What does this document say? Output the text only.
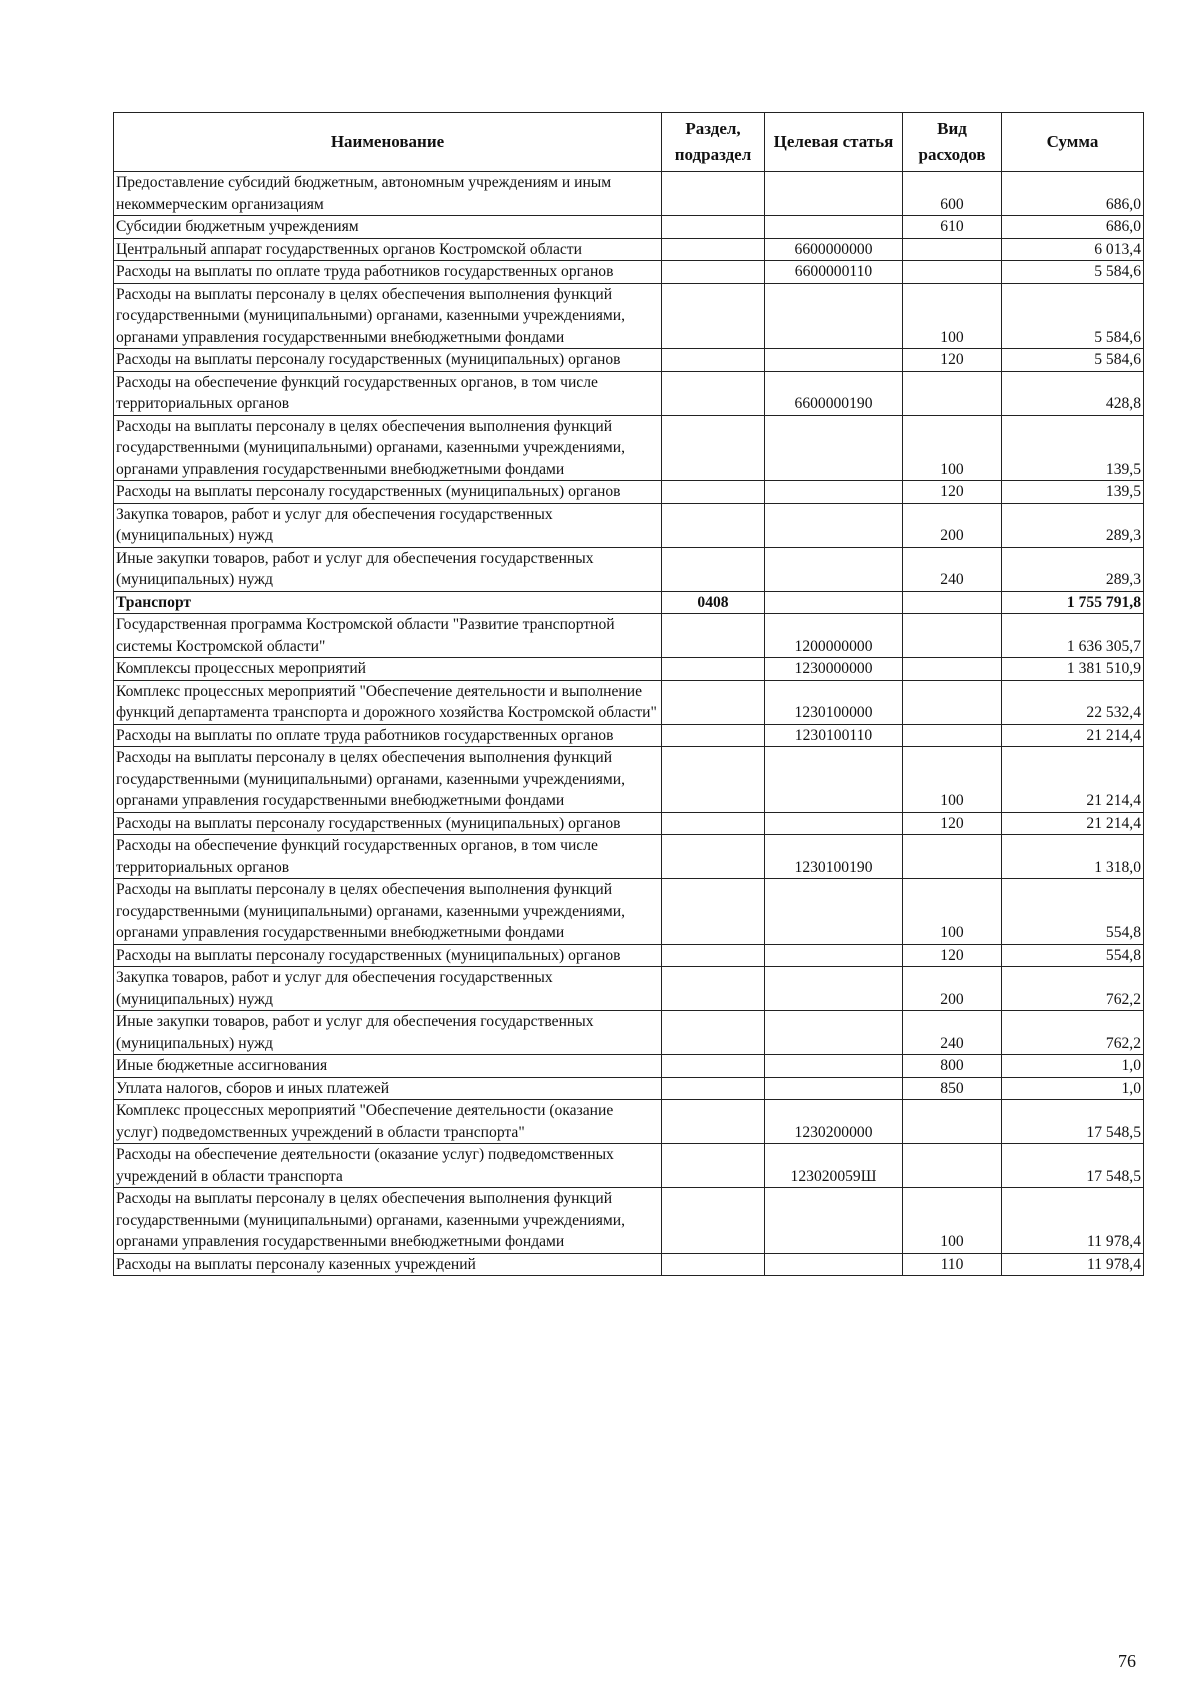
Наименование	Раздел, подраздел	Целевая статья	Вид расходов	Сумма
Предоставление субсидий бюджетным, автономным учреждениям и иным некоммерческим организациям			600	686,0
Субсидии бюджетным учреждениям			610	686,0
Центральный аппарат государственных органов Костромской области		6600000000		6 013,4
Расходы на выплаты по оплате труда работников государственных органов		6600000110		5 584,6
Расходы на выплаты персоналу в целях обеспечения выполнения функций государственными (муниципальными) органами, казенными учреждениями, органами управления государственными внебюджетными фондами			100	5 584,6
Расходы на выплаты персоналу государственных (муниципальных) органов			120	5 584,6
Расходы на обеспечение функций государственных органов, в том числе территориальных органов		6600000190		428,8
Расходы на выплаты персоналу в целях обеспечения выполнения функций государственными (муниципальными) органами, казенными учреждениями, органами управления государственными внебюджетными фондами			100	139,5
Расходы на выплаты персоналу государственных (муниципальных) органов			120	139,5
Закупка товаров, работ и услуг для обеспечения государственных (муниципальных) нужд			200	289,3
Иные закупки товаров, работ и услуг для обеспечения государственных (муниципальных) нужд			240	289,3
Транспорт	0408			1 755 791,8
Государственная программа Костромской области "Развитие транспортной системы Костромской области"		1200000000		1 636 305,7
Комплексы процессных мероприятий		1230000000		1 381 510,9
Комплекс процессных мероприятий "Обеспечение деятельности и выполнение функций департамента транспорта и дорожного хозяйства Костромской области"		1230100000		22 532,4
Расходы на выплаты по оплате труда работников государственных органов		1230100110		21 214,4
Расходы на выплаты персоналу в целях обеспечения выполнения функций государственными (муниципальными) органами, казенными учреждениями, органами управления государственными внебюджетными фондами			100	21 214,4
Расходы на выплаты персоналу государственных (муниципальных) органов			120	21 214,4
Расходы на обеспечение функций государственных органов, в том числе территориальных органов		1230100190		1 318,0
Расходы на выплаты персоналу в целях обеспечения выполнения функций государственными (муниципальными) органами, казенными учреждениями, органами управления государственными внебюджетными фондами			100	554,8
Расходы на выплаты персоналу государственных (муниципальных) органов			120	554,8
Закупка товаров, работ и услуг для обеспечения государственных (муниципальных) нужд			200	762,2
Иные закупки товаров, работ и услуг для обеспечения государственных (муниципальных) нужд			240	762,2
Иные бюджетные ассигнования			800	1,0
Уплата налогов, сборов и иных платежей			850	1,0
Комплекс процессных мероприятий "Обеспечение деятельности (оказание услуг) подведомственных учреждений в области транспорта"		1230200000		17 548,5
Расходы на обеспечение деятельности (оказание услуг) подведомственных учреждений в области транспорта		123020059Ш		17 548,5
Расходы на выплаты персоналу в целях обеспечения выполнения функций государственными (муниципальными) органами, казенными учреждениями, органами управления государственными внебюджетными фондами			100	11 978,4
Расходы на выплаты персоналу казенных учреждений			110	11 978,4
76
